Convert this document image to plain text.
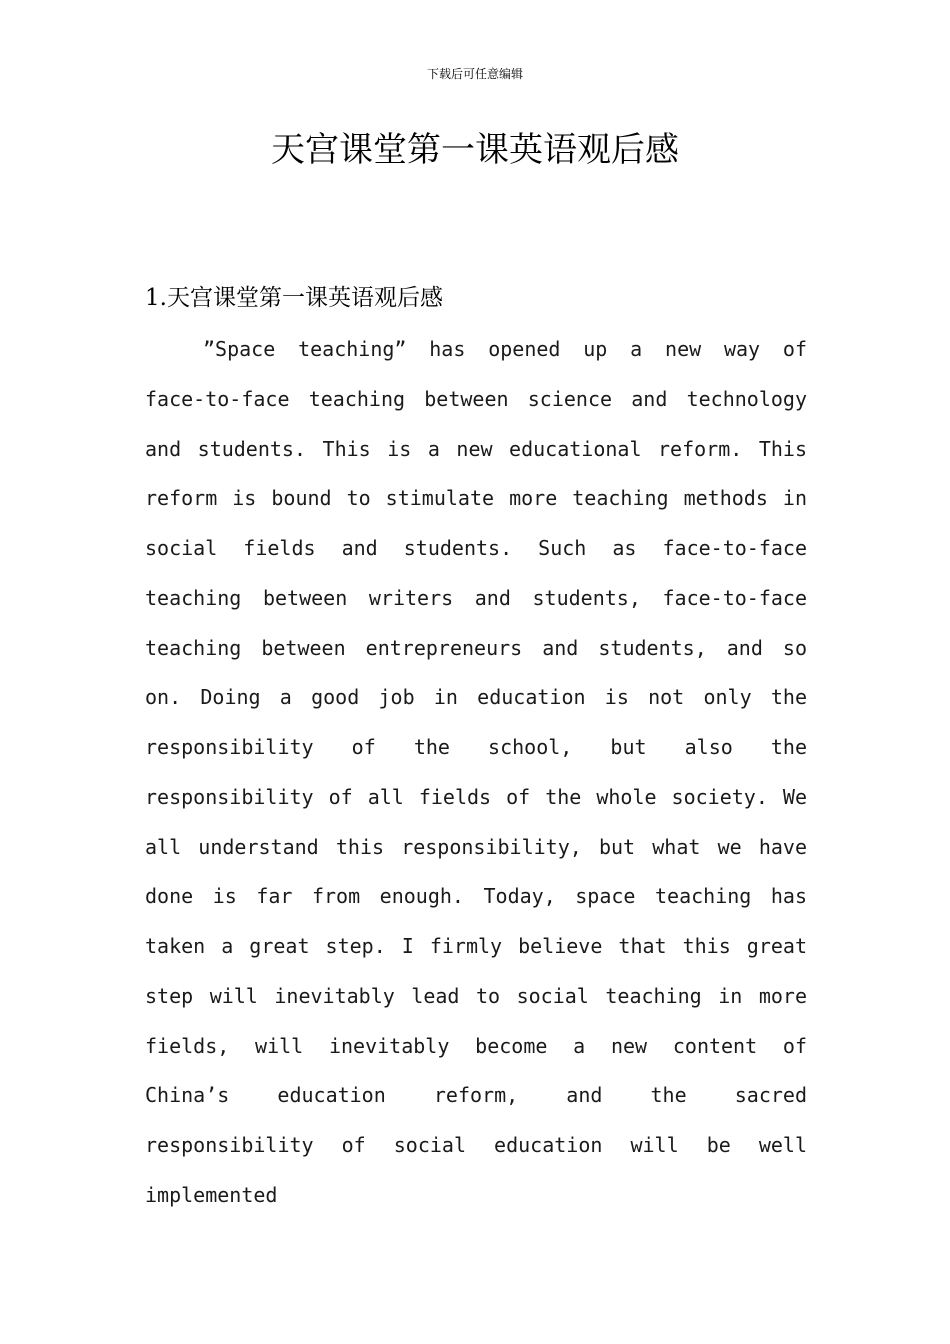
下载后可任意编辑
天宫课堂第一课英语观后感
1.天宫课堂第一课英语观后感

”Space teaching” has opened up a new way of face-to-face teaching between science and technology and students. This is a new educational reform. This reform is bound to stimulate more teaching methods in social fields and students. Such as face-to-face teaching between writers and students, face-to-face teaching between entrepreneurs and students, and so on. Doing a good job in education is not only the responsibility of the school, but also the responsibility of all fields of the whole society. We all understand this responsibility, but what we have done is far from enough. Today, space teaching has taken a great step. I firmly believe that this great step will inevitably lead to social teaching in more fields, will inevitably become a new content of China’s education reform, and the sacred responsibility of social education will be well implemented
